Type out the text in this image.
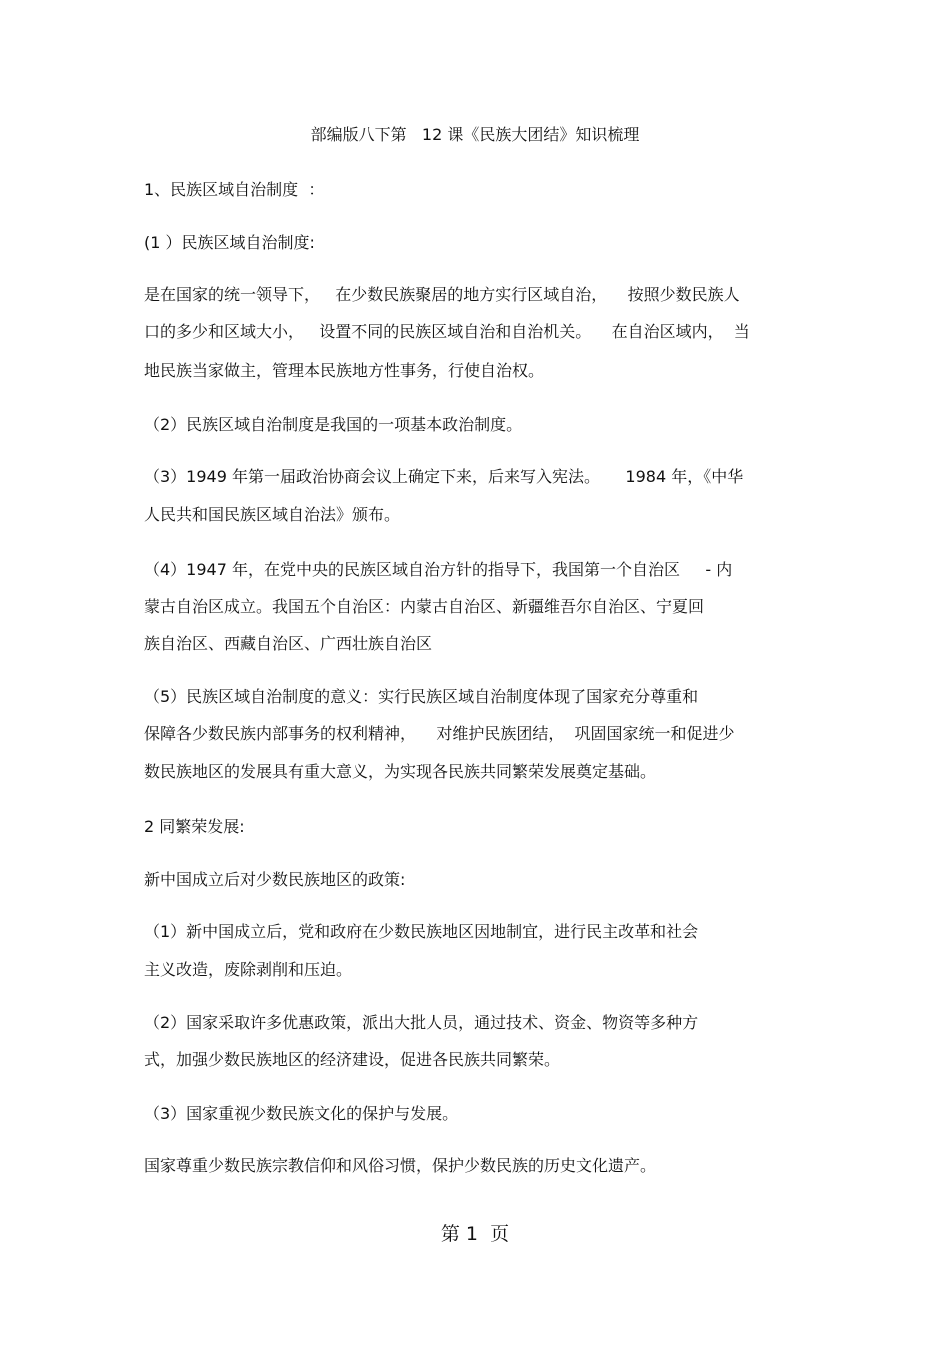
部编版八下第   12 课《民族大团结》知识梳理

1、民族区域自治制度  ：

(1 ）民族区域自治制度:

是在国家的统一领导下，   在少数民族聚居的地方实行区域自治，    按照少数民族人

口的多少和区域大小，   设置不同的民族区域自治和自治机关。    在自治区域内，  当

地民族当家做主，管理本民族地方性事务，行使自治权。

（2）民族区域自治制度是我国的一项基本政治制度。

（3）1949 年第一届政治协商会议上确定下来，后来写入宪法。     1984 年，《中华

人民共和国民族区域自治法》颁布。

（4）1947 年，在党中央的民族区域自治方针的指导下，我国第一个自治区     - 内

蒙古自治区成立。我国五个自治区：内蒙古自治区、新疆维吾尔自治区、宁夏回

族自治区、西藏自治区、广西壮族自治区

（5）民族区域自治制度的意义：实行民族区域自治制度体现了国家充分尊重和

保障各少数民族内部事务的权利精神，    对维护民族团结，  巩固国家统一和促进少

数民族地区的发展具有重大意义，为实现各民族共同繁荣发展奠定基础。

2 同繁荣发展:

新中国成立后对少数民族地区的政策:

（1）新中国成立后，党和政府在少数民族地区因地制宜，进行民主改革和社会

主义改造，废除剥削和压迫。

（2）国家采取许多优惠政策，派出大批人员，通过技术、资金、物资等多种方

式，加强少数民族地区的经济建设，促进各民族共同繁荣。

（3）国家重视少数民族文化的保护与发展。

国家尊重少数民族宗教信仰和风俗习惯，保护少数民族的历史文化遗产。

第 1  页
